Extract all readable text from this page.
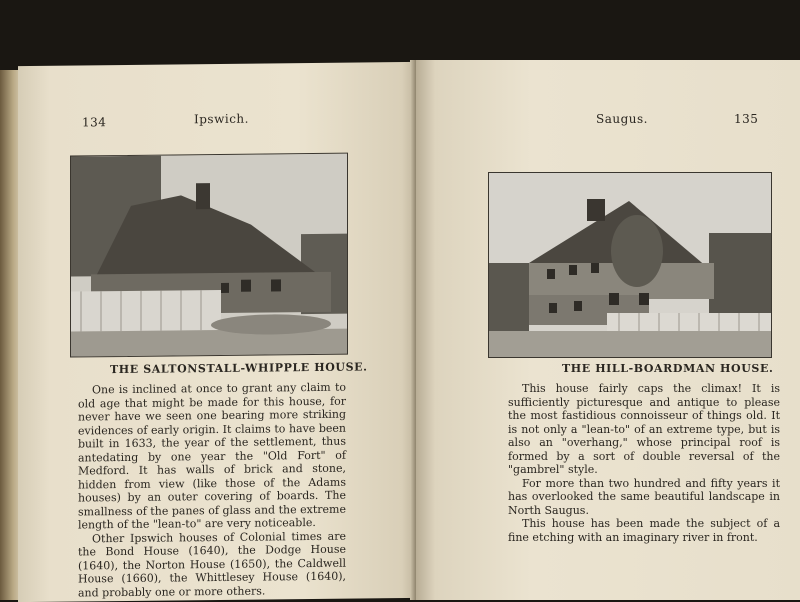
134	Ipswich.
THE SALTONSTALL-WHIPPLE HOUSE.

One is inclined at once to grant any claim to old age that might be made for this house, for never have we seen one bearing more striking evidences of early origin. It claims to have been built in 1633, the year of the settlement, thus antedating by one year the "Old Fort" of Medford. It has walls of brick and stone, hidden from view (like those of the Adams houses) by an outer covering of boards. The smallness of the panes of glass and the extreme length of the "lean-to" are very noticeable.

Other Ipswich houses of Colonial times are the Bond House (1640), the Dodge House (1640), the Norton House (1650), the Caldwell House (1660), the Whittlesey House (1640), and probably one or more others.

Saugus.	135
THE HILL-BOARDMAN HOUSE.

This house fairly caps the climax! It is sufficiently picturesque and antique to please the most fastidious connoisseur of things old. It is not only a "lean-to" of an extreme type, but is also an "overhang," whose principal roof is formed by a sort of double reversal of the "gambrel" style.

For more than two hundred and fifty years it has overlooked the same beautiful landscape in North Saugus.

This house has been made the subject of a fine etching with an imaginary river in front.
